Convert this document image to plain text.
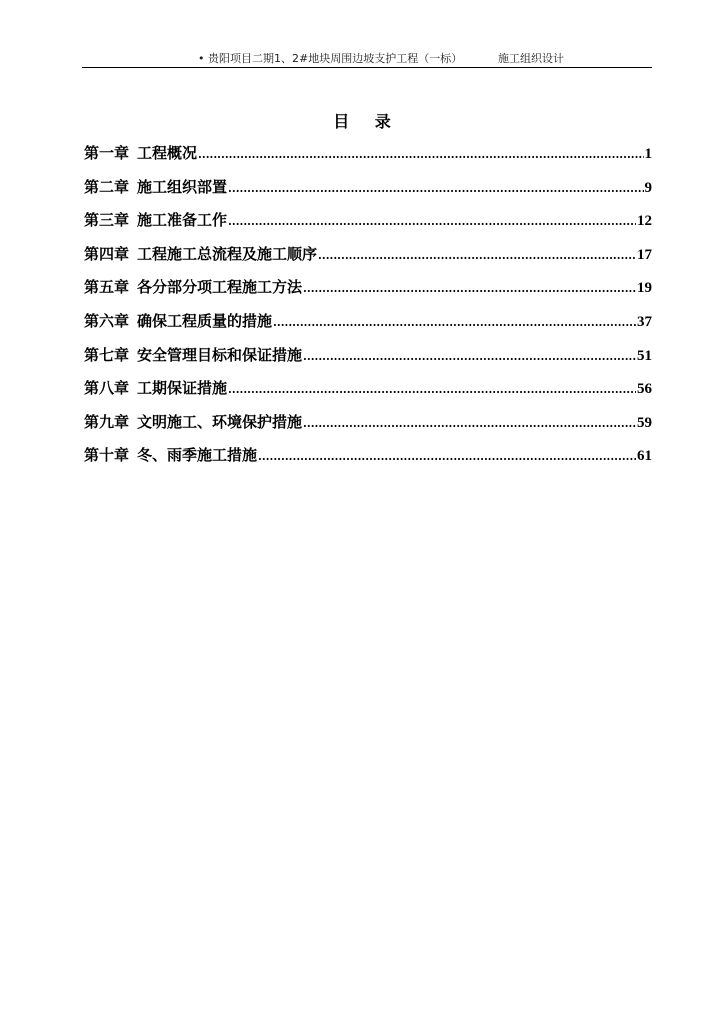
• 贵阳项目二期1、2#地块周围边坡支护工程（一标）	施工组织设计
目 录
第一章 工程概况 .....	1
第二章 施工组织部置 .....	9
第三章 施工准备工作 .....	12
第四章 工程施工总流程及施工顺序 .....	17
第五章 各分部分项工程施工方法 .....	19
第六章 确保工程质量的措施 .....	37
第七章 安全管理目标和保证措施 .....	51
第八章 工期保证措施 .....	56
第九章 文明施工、环境保护措施 .....	59
第十章 冬、雨季施工措施 .....	61
